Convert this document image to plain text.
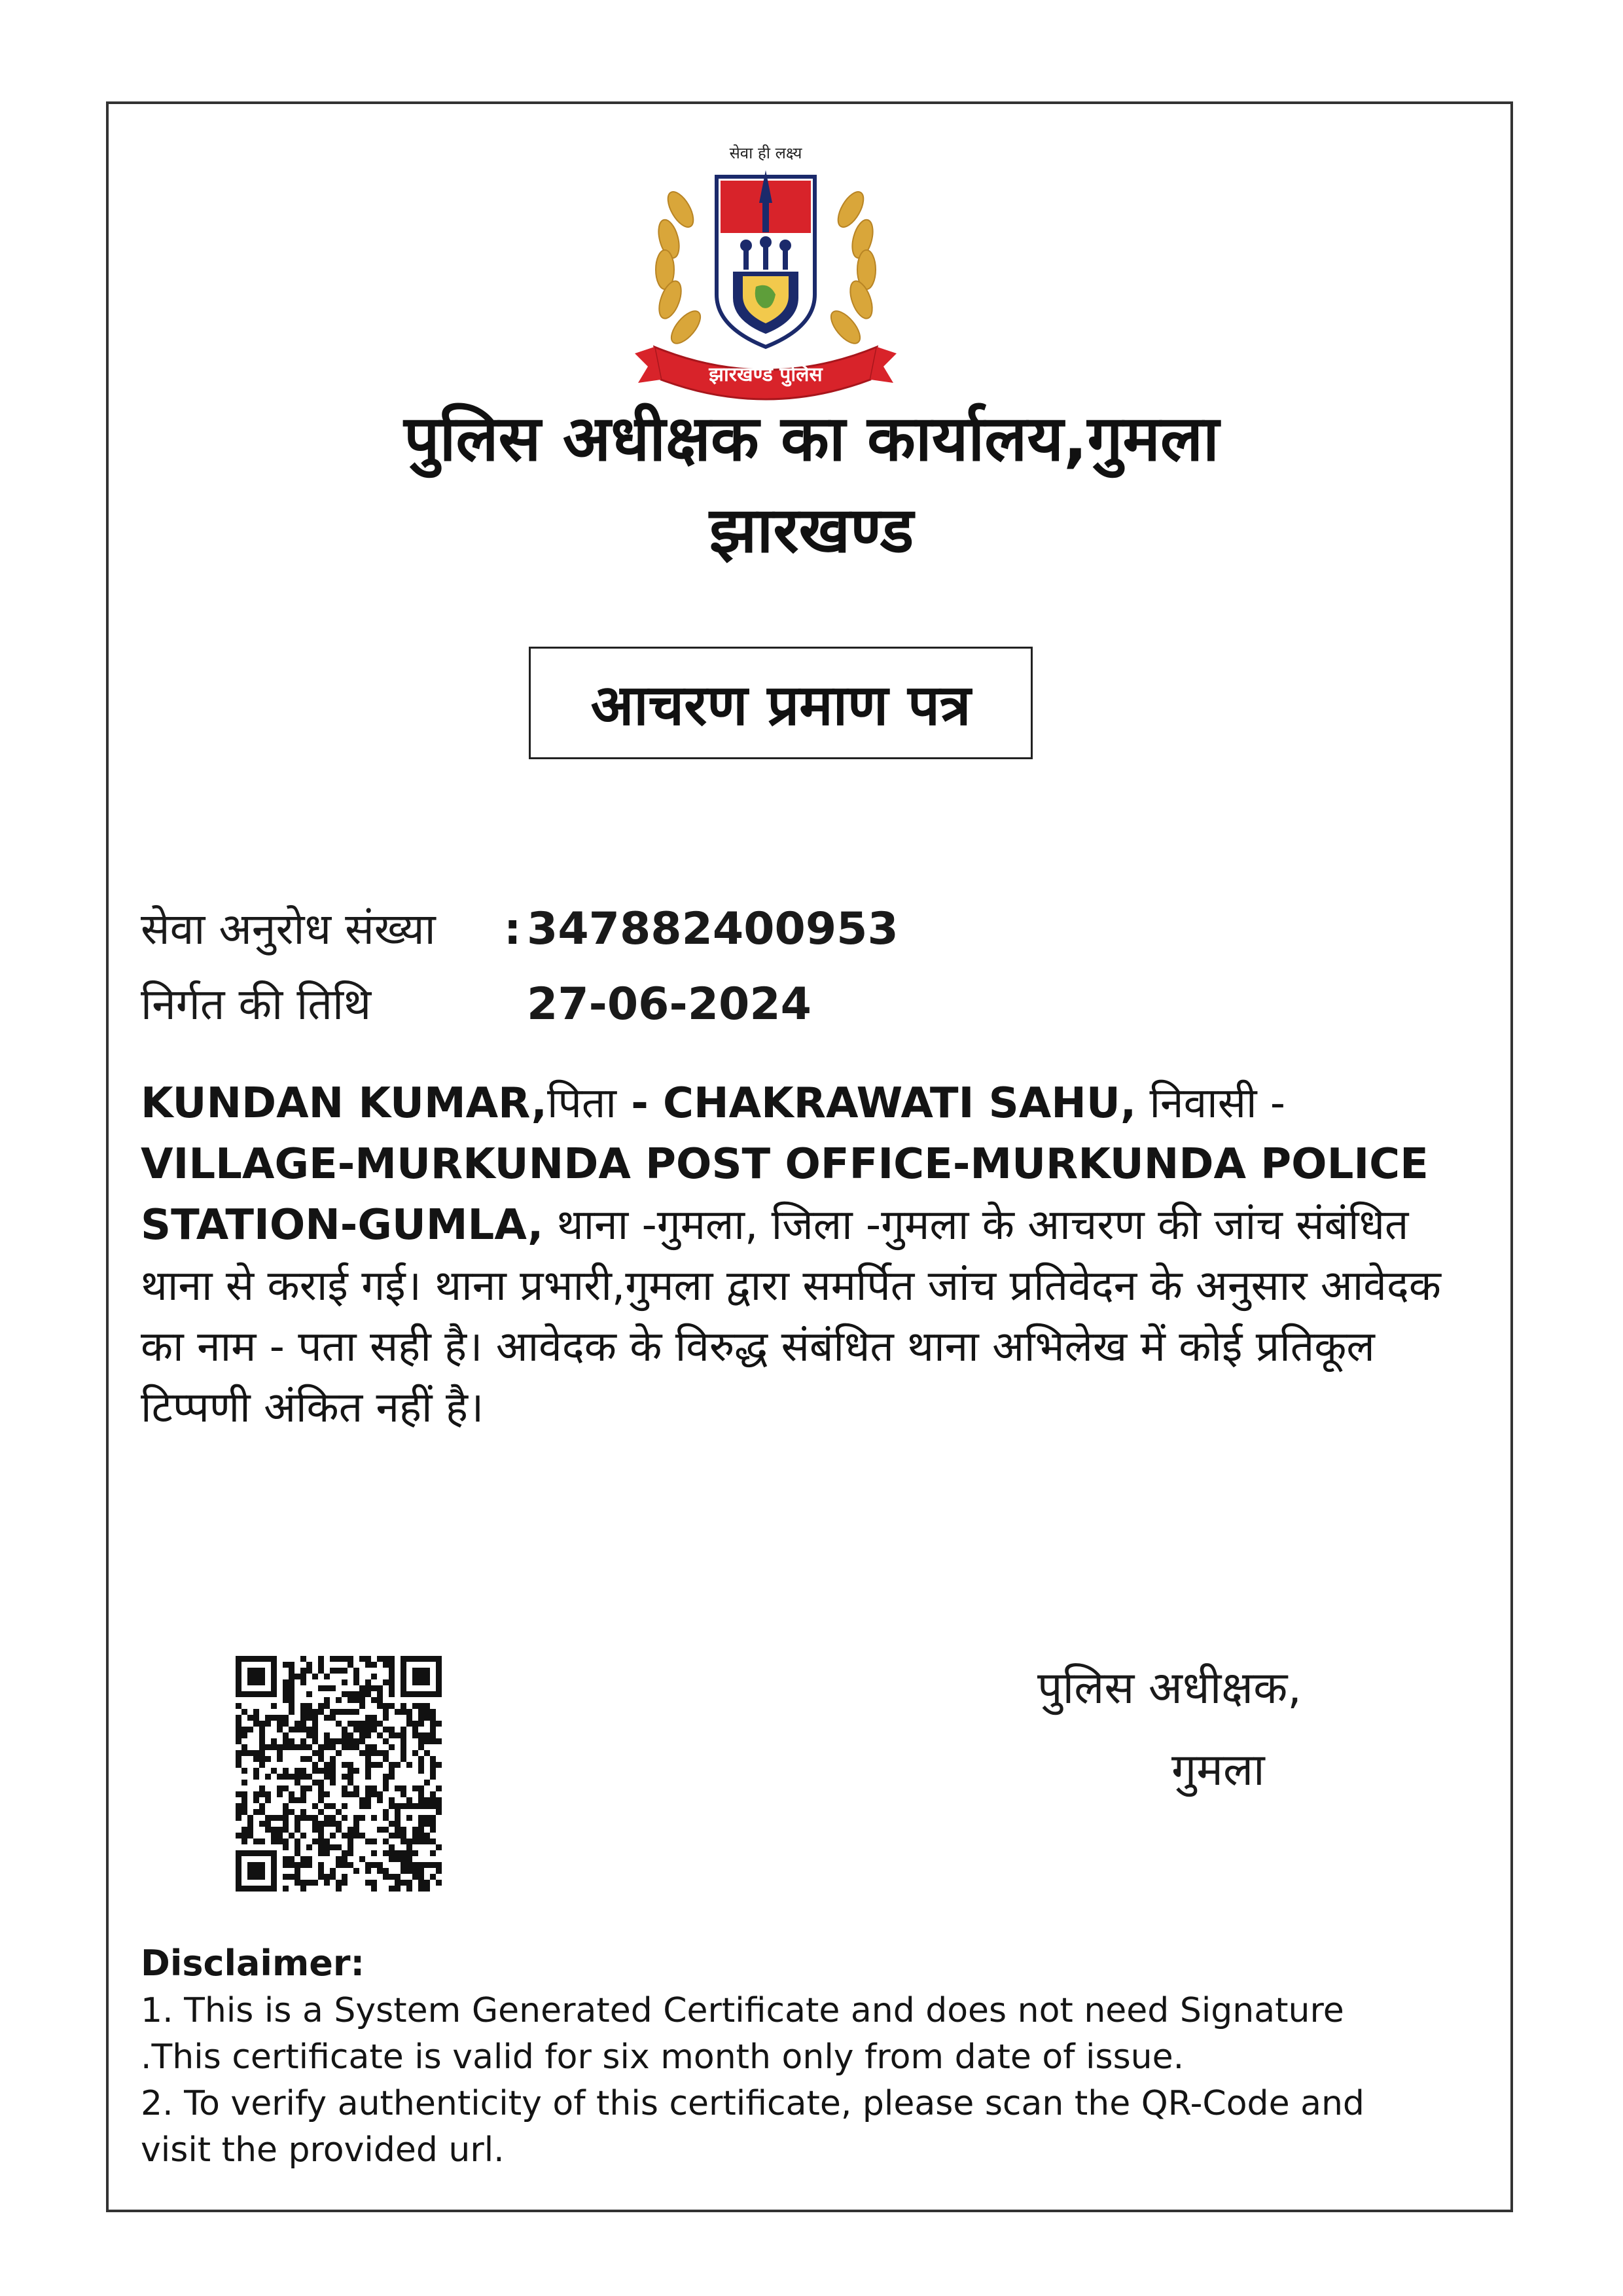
सेवा ही लक्ष्य
झारखण्ड पुलिस
पुलिस अधीक्षक का कार्यालय,गुमला
झारखण्ड
आचरण प्रमाण पत्र
सेवा अनुरोध संख्या : 347882400953
निर्गत की तिथि	27-06-2024
KUNDAN KUMAR,पिता - CHAKRAWATI SAHU, निवासी - VILLAGE-MURKUNDA POST OFFICE-MURKUNDA POLICE STATION-GUMLA, थाना -गुमला, जिला -गुमला के आचरण की जांच संबंधित थाना से कराई गई। थाना प्रभारी,गुमला द्वारा समर्पित जांच प्रतिवेदन के अनुसार आवेदक का नाम - पता सही है। आवेदक के विरुद्ध संबंधित थाना अभिलेख में कोई प्रतिकूल टिप्पणी अंकित नहीं है।
पुलिस अधीक्षक,
गुमला
Disclaimer:
1. This is a System Generated Certificate and does not need Signature .This certificate is valid for six month only from date of issue.
2. To verify authenticity of this certificate, please scan the QR-Code and visit the provided url.
